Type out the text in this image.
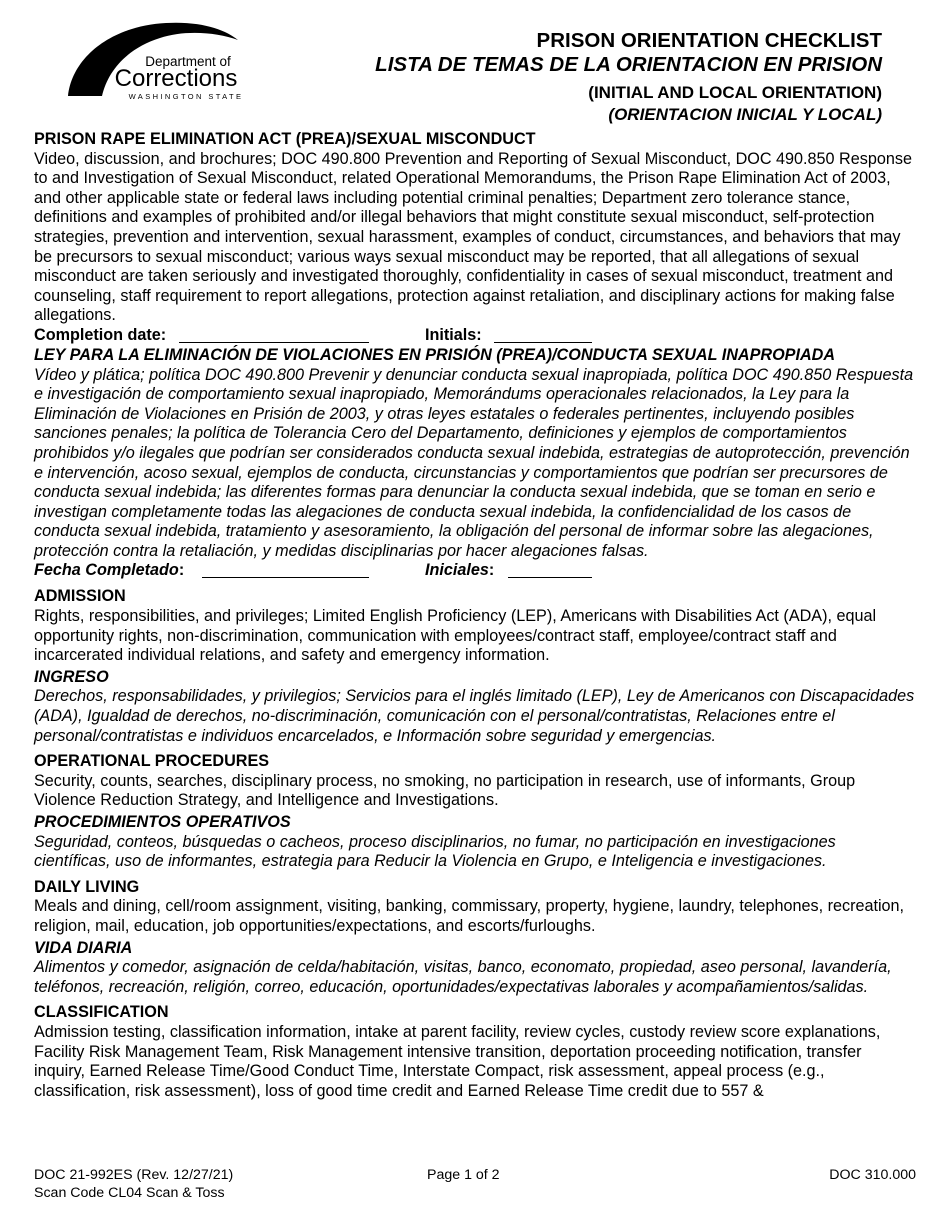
Department of
Corrections
WASHINGTON STATE
PRISON ORIENTATION CHECKLIST
LISTA DE TEMAS DE LA ORIENTACION EN PRISION
(INITIAL AND LOCAL ORIENTATION)
(ORIENTACION INICIAL Y LOCAL)
PRISON RAPE ELIMINATION ACT (PREA)/SEXUAL MISCONDUCT
Video, discussion, and brochures; DOC 490.800 Prevention and Reporting of Sexual Misconduct, DOC 490.850 Response to and Investigation of Sexual Misconduct, related Operational Memorandums, the Prison Rape Elimination Act of 2003, and other applicable state or federal laws including potential criminal penalties; Department zero tolerance stance, definitions and examples of prohibited and/or illegal behaviors that might constitute sexual misconduct, self-protection strategies, prevention and intervention, sexual harassment, examples of conduct, circumstances, and behaviors that may be precursors to sexual misconduct; various ways sexual misconduct may be reported, that all allegations of sexual misconduct are taken seriously and investigated thoroughly, confidentiality in cases of sexual misconduct, treatment and counseling, staff requirement to report allegations, protection against retaliation, and disciplinary actions for making false allegations.
Completion date:	Initials:
LEY PARA LA ELIMINACIÓN DE VIOLACIONES EN PRISIÓN (PREA)/CONDUCTA SEXUAL INAPROPIADA
Vídeo y plática; política DOC 490.800 Prevenir y denunciar conducta sexual inapropiada, política DOC 490.850 Respuesta e investigación de comportamiento sexual inapropiado, Memorándums operacionales relacionados, la Ley para la Eliminación de Violaciones en Prisión de 2003, y otras leyes estatales o federales pertinentes, incluyendo posibles sanciones penales; la política de Tolerancia Cero del Departamento, definiciones y ejemplos de comportamientos prohibidos y/o ilegales que podrían ser considerados conducta sexual indebida, estrategias de autoprotección, prevención e intervención, acoso sexual, ejemplos de conducta, circunstancias y comportamientos que podrían ser precursores de conducta sexual indebida; las diferentes formas para denunciar la conducta sexual indebida, que se toman en serio e investigan completamente todas las alegaciones de conducta sexual indebida, la confidencialidad de los casos de conducta sexual indebida, tratamiento y asesoramiento, la obligación del personal de informar sobre las alegaciones, protección contra la retaliación, y medidas disciplinarias por hacer alegaciones falsas.
Fecha Completado:	Iniciales:
ADMISSION
Rights, responsibilities, and privileges; Limited English Proficiency (LEP), Americans with Disabilities Act (ADA), equal opportunity rights, non-discrimination, communication with employees/contract staff, employee/contract staff and incarcerated individual relations, and safety and emergency information.
INGRESO
Derechos, responsabilidades, y privilegios; Servicios para el inglés limitado (LEP), Ley de Americanos con Discapacidades (ADA), Igualdad de derechos, no-discriminación, comunicación con el personal/contratistas, Relaciones entre el personal/contratistas e individuos encarcelados, e Información sobre seguridad y emergencias.
OPERATIONAL PROCEDURES
Security, counts, searches, disciplinary process, no smoking, no participation in research, use of informants, Group Violence Reduction Strategy, and Intelligence and Investigations.
PROCEDIMIENTOS OPERATIVOS
Seguridad, conteos, búsquedas o cacheos, proceso disciplinarios, no fumar, no participación en investigaciones científicas, uso de informantes, estrategia para Reducir la Violencia en Grupo, e Inteligencia e investigaciones.
DAILY LIVING
Meals and dining, cell/room assignment, visiting, banking, commissary, property, hygiene, laundry, telephones, recreation, religion, mail, education, job opportunities/expectations, and escorts/furloughs.
VIDA DIARIA
Alimentos y comedor, asignación de celda/habitación, visitas, banco, economato, propiedad, aseo personal, lavandería, teléfonos, recreación, religión, correo, educación, oportunidades/expectativas laborales y acompañamientos/salidas.
CLASSIFICATION
Admission testing, classification information, intake at parent facility, review cycles, custody review score explanations, Facility Risk Management Team, Risk Management intensive transition, deportation proceeding notification, transfer inquiry, Earned Release Time/Good Conduct Time, Interstate Compact, risk assessment, appeal process (e.g., classification, risk assessment), loss of good time credit and Earned Release Time credit due to 557 &
DOC 21-992ES (Rev. 12/27/21)	Page 1 of 2	DOC 310.000
Scan Code CL04 Scan & Toss
